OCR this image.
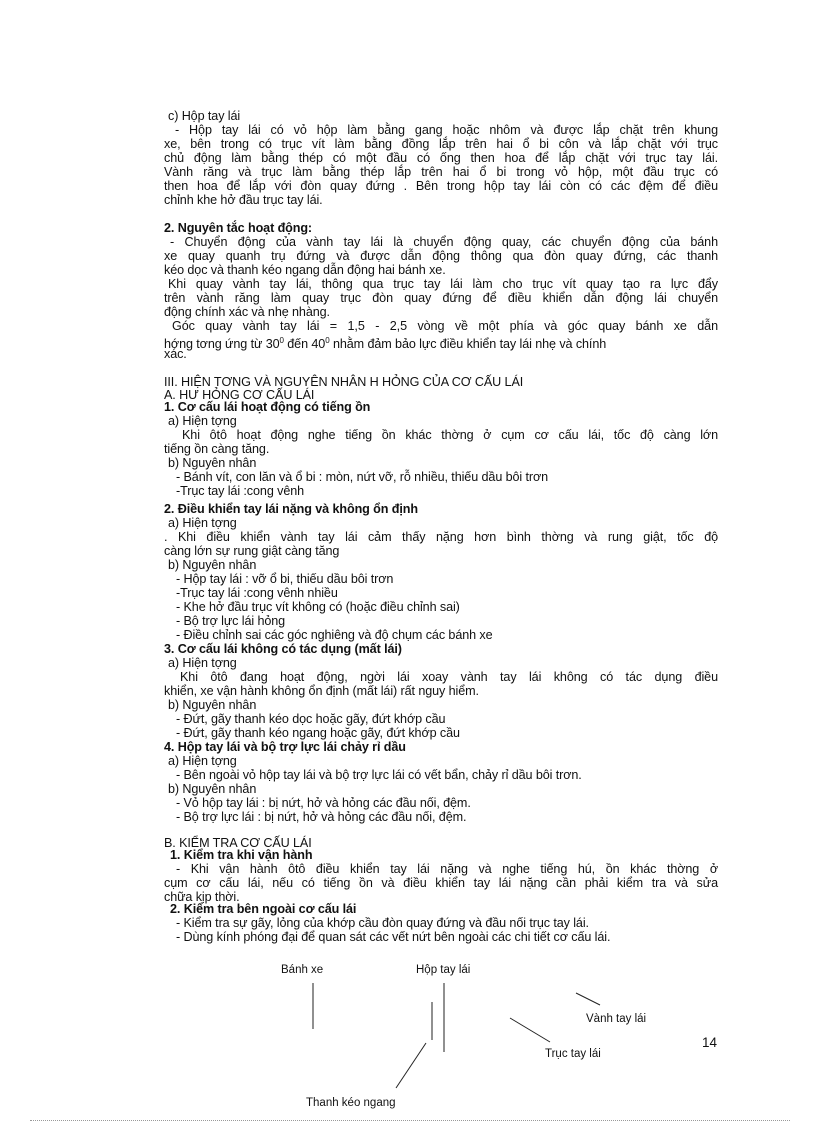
c) Hộp tay lái
- Hộp tay lái có vỏ hộp làm bằng gang hoặc nhôm và được lắp chặt trên khung
xe, bên trong có trục vít làm bằng đồng lắp trên hai ổ bi côn và lắp chặt với trục
chủ động làm bằng thép có một đầu có ống then hoa để lắp chặt với trục tay lái.
Vành răng và trục làm bằng thép lắp trên hai ổ bi trong vỏ hộp, một đầu trục có
then hoa để lắp với đòn quay đứng . Bên trong hộp tay lái còn có các đệm để điều
chỉnh khe hở đầu trục tay lái.
2. Nguyên tắc hoạt động:
- Chuyển động của vành tay lái là chuyển động quay, các chuyển động của bánh
xe quay quanh trụ đứng và được dẫn động thông qua đòn quay đứng, các thanh
kéo dọc và thanh kéo ngang dẫn động hai bánh xe.
Khi quay vành tay lái, thông qua trục tay lái làm cho trục vít quay tạo ra lực đẩy
trên vành răng làm quay trục đòn quay đứng để điều khiển dẫn động lái chuyển
động chính xác và nhẹ nhàng.
Góc quay vành tay lái = 1,5 - 2,5 vòng về một phía và góc quay bánh xe dẫn
hớng tơng ứng từ $30^0$ đến $40^0$ nhằm đảm bảo lực điều khiển tay lái nhẹ và chính
xác.
III. HIỆN TƠNG VÀ NGUYÊN NHÂN H HỎNG CỦA CƠ CẤU LÁI
A. HƯ HỎNG CƠ CẤU LÁI
1. Cơ cấu lái hoạt động có tiếng ồn
a) Hiện tợng
Khi ôtô hoạt động nghe tiếng ồn khác thờng ở cụm cơ cấu lái, tốc độ càng lớn
tiếng ồn càng tăng.
b) Nguyên nhân
- Bánh vít, con lăn và ổ bi : mòn, nứt vỡ, rỗ nhiều, thiếu dầu bôi trơn
-Trục tay lái :cong vênh
2. Điều khiển tay lái nặng và không ổn định
a) Hiện tợng
. Khi điều khiển vành tay lái cảm thấy nặng hơn bình thờng và rung giật, tốc độ
càng lớn sự rung giật càng tăng
b) Nguyên nhân
- Hộp tay lái : vỡ ổ bi, thiếu dầu bôi trơn
-Trục tay lái :cong vênh nhiều
- Khe hở đầu trục vít không có (hoặc điều chỉnh sai)
- Bộ trợ lực lái hỏng
- Điều chỉnh sai các góc nghiêng và độ chụm các bánh xe
3. Cơ cấu lái không có tác dụng (mất lái)
a) Hiện tợng
Khi ôtô đang hoạt động, ngời lái xoay vành tay lái không có tác dụng điều
khiển, xe vận hành không ổn định (mất lái) rất nguy hiểm.
b) Nguyên nhân
- Đứt, gãy thanh kéo dọc hoặc gãy, đứt khớp cầu
- Đứt, gãy thanh kéo ngang hoặc gãy, đứt khớp cầu
4. Hộp tay lái và bộ trợ lực lái chảy rỉ dầu
a) Hiện tợng
- Bên ngoài vỏ hộp tay lái và bộ trợ lực lái có vết bẩn, chảy rỉ dầu bôi trơn.
b) Nguyên nhân
- Vỏ hộp tay lái : bị nứt, hở và hỏng các đầu nối, đệm.
- Bộ trợ lực lái : bị nứt, hở và hỏng các đầu nối, đệm.
B. KIỂM TRA CƠ CẤU LÁI
1. Kiểm tra khi vận hành
- Khi vận hành ôtô điều khiển tay lái nặng và nghe tiếng hú, ồn khác thờng ở
cụm cơ cấu lái, nếu có tiếng ồn và điều khiển tay lái nặng cần phải kiểm tra và sửa
chữa kịp thời.
2. Kiểm tra bên ngoài cơ cấu lái
- Kiểm tra sự gãy, lỏng của khớp cầu đòn quay đứng và đầu nối trục tay lái.
- Dùng kính phóng đại để quan sát các vết nứt bên ngoài các chi tiết cơ cấu lái.
Bánh xe	Hộp tay lái
Vành tay lái
Trục tay lái
Thanh kéo ngang
14
